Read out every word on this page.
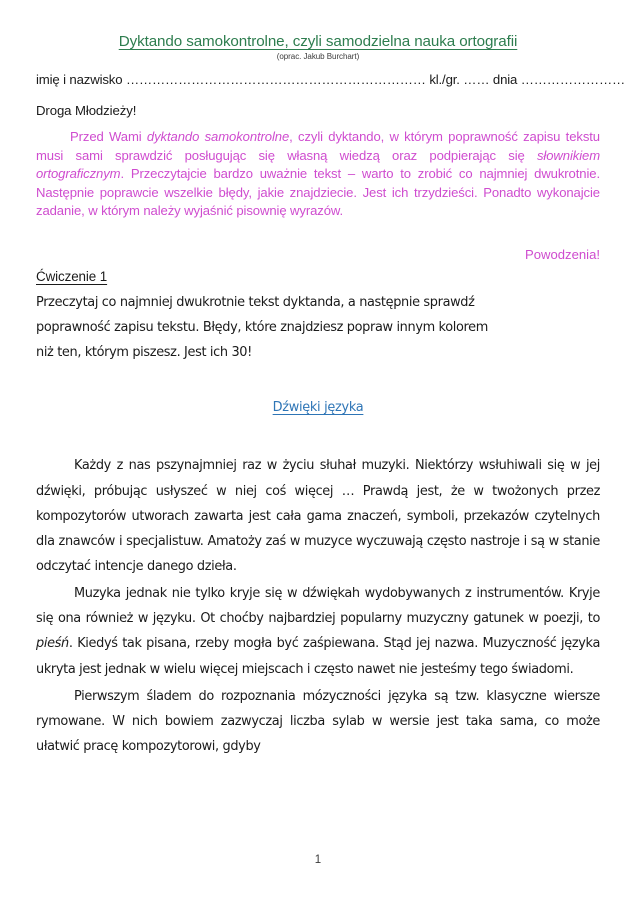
Dyktando samokontrolne, czyli samodzielna nauka ortografii
(oprac. Jakub Burchart)
imię i nazwisko …………………………………………………………… kl./gr. …… dnia ……………………
Droga Młodzieży!

Przed Wami dyktando samokontrolne, czyli dyktando, w którym poprawność zapisu tekstu musi sami sprawdzić posługując się własną wiedzą oraz podpierając się słownikiem ortograficznym. Przeczytajcie bardzo uważnie tekst – warto to zrobić co najmniej dwukrotnie. Następnie poprawcie wszelkie błędy, jakie znajdziecie. Jest ich trzydzieści. Ponadto wykonajcie zadanie, w którym należy wyjaśnić pisownię wyrazów.

Powodzenia!
Ćwiczenie 1

Przeczytaj co najmniej dwukrotnie tekst dyktanda, a następnie sprawdź

poprawność zapisu tekstu. Błędy, które znajdziesz popraw innym kolorem

niż ten, którym piszesz. Jest ich 30!

Dźwięki języka

Każdy z nas pszynajmniej raz w życiu słuhał muzyki. Niektórzy wsłuhiwali się w jej dźwięki, próbując usłyszeć w niej coś więcej … Prawdą jest, że w twożonych przez kompozytorów utworach zawarta jest cała gama znaczeń, symboli, przekazów czytelnych dla znawców i specjalistuw. Amatoży zaś w muzyce wyczuwają często nastroje i są w stanie odczytać intencje danego dzieła.

Muzyka jednak nie tylko kryje się w dźwiękah wydobywanych z instrumentów. Kryje się ona również w języku. Ot choćby najbardziej popularny muzyczny gatunek w poezji, to pieśń. Kiedyś tak pisana, rzeby mogła być zaśpiewana. Stąd jej nazwa. Muzyczność języka ukryta jest jednak w wielu więcej miejscach i często nawet nie jesteśmy tego świadomi.

Pierwszym śladem do rozpoznania mózyczności języka są tzw. klasyczne wiersze rymowane. W nich bowiem zazwyczaj liczba sylab w wersie jest taka sama, co może ułatwić pracę kompozytorowi, gdyby

1
